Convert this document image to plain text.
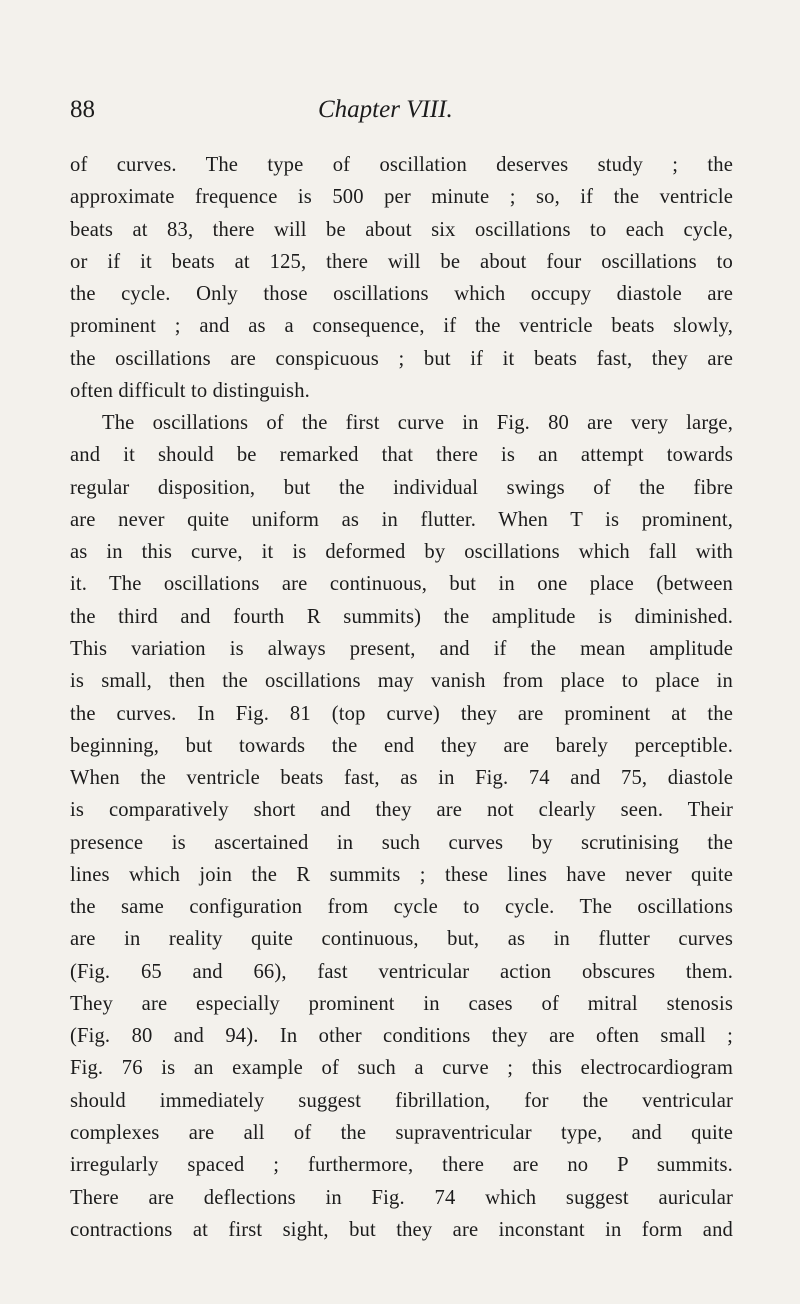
88	Chapter VIII.
of curves. The type of oscillation deserves study ; the
approximate frequence is 500 per minute ; so, if the ventricle
beats at 83, there will be about six oscillations to each cycle,
or if it beats at 125, there will be about four oscillations to
the cycle. Only those oscillations which occupy diastole are
prominent ; and as a consequence, if the ventricle beats slowly,
the oscillations are conspicuous ; but if it beats fast, they are
often difficult to distinguish.
The oscillations of the first curve in Fig. 80 are very large,
and it should be remarked that there is an attempt towards
regular disposition, but the individual swings of the fibre
are never quite uniform as in flutter. When T is prominent,
as in this curve, it is deformed by oscillations which fall with
it. The oscillations are continuous, but in one place (between
the third and fourth R summits) the amplitude is diminished.
This variation is always present, and if the mean amplitude
is small, then the oscillations may vanish from place to place in
the curves. In Fig. 81 (top curve) they are prominent at the
beginning, but towards the end they are barely perceptible.
When the ventricle beats fast, as in Fig. 74 and 75, diastole
is comparatively short and they are not clearly seen. Their
presence is ascertained in such curves by scrutinising the
lines which join the R summits ; these lines have never quite
the same configuration from cycle to cycle. The oscillations
are in reality quite continuous, but, as in flutter curves
(Fig. 65 and 66), fast ventricular action obscures them.
They are especially prominent in cases of mitral stenosis
(Fig. 80 and 94). In other conditions they are often small ;
Fig. 76 is an example of such a curve ; this electrocardiogram
should immediately suggest fibrillation, for the ventricular
complexes are all of the supraventricular type, and quite
irregularly spaced ; furthermore, there are no P summits.
There are deflections in Fig. 74 which suggest auricular
contractions at first sight, but they are inconstant in form and
